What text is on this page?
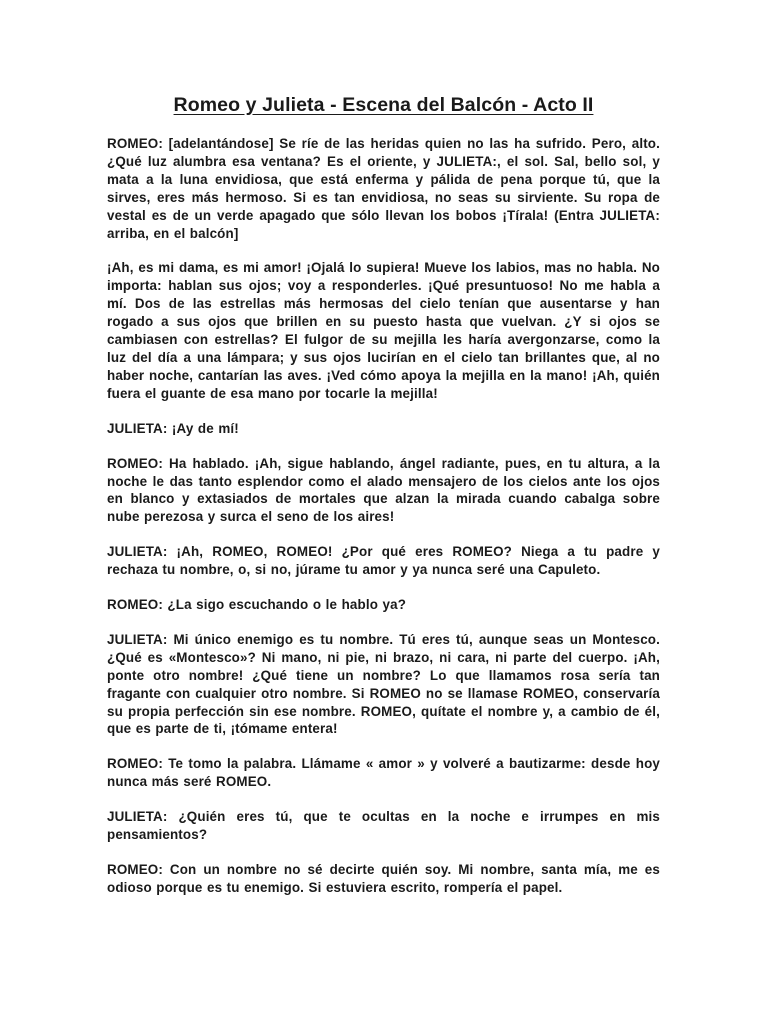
Romeo y Julieta - Escena del Balcón - Acto II

ROMEO: [adelantándose] Se ríe de las heridas quien no las ha sufrido. Pero, alto. ¿Qué luz alumbra esa ventana? Es el oriente, y JULIETA:, el sol. Sal, bello sol, y mata a la luna envidiosa, que está enferma y pálida de pena porque tú, que la sirves, eres más hermoso. Si es tan envidiosa, no seas su sirviente. Su ropa de vestal es de un verde apagado que sólo llevan los bobos ¡Tírala! (Entra JULIETA: arriba, en el balcón]

¡Ah, es mi dama, es mi amor! ¡Ojalá lo supiera! Mueve los labios, mas no habla. No importa: hablan sus ojos; voy a responderles. ¡Qué presuntuoso! No me habla a mí. Dos de las estrellas más hermosas del cielo tenían que ausentarse y han rogado a sus ojos que brillen en su puesto hasta que vuelvan. ¿Y si ojos se cambiasen con estrellas? El fulgor de su mejilla les haría avergonzarse, como la luz del día a una lámpara; y sus ojos lucirían en el cielo tan brillantes que, al no haber noche, cantarían las aves. ¡Ved cómo apoya la mejilla en la mano! ¡Ah, quién fuera el guante de esa mano por tocarle la mejilla!

JULIETA: ¡Ay de mí!

ROMEO: Ha hablado. ¡Ah, sigue hablando, ángel radiante, pues, en tu altura, a la noche le das tanto esplendor como el alado mensajero de los cielos ante los ojos en blanco y extasiados de mortales que alzan la mirada cuando cabalga sobre nube perezosa y surca el seno de los aires!

JULIETA: ¡Ah, ROMEO, ROMEO! ¿Por qué eres ROMEO? Niega a tu padre y rechaza tu nombre, o, si no, júrame tu amor y ya nunca seré una Capuleto.

ROMEO: ¿La sigo escuchando o le hablo ya?

JULIETA: Mi único enemigo es tu nombre. Tú eres tú, aunque seas un Montesco. ¿Qué es «Montesco»? Ni mano, ni pie, ni brazo, ni cara, ni parte del cuerpo. ¡Ah, ponte otro nombre! ¿Qué tiene un nombre? Lo que llamamos rosa sería tan fragante con cualquier otro nombre. Si ROMEO no se llamase ROMEO, conservaría su propia perfección sin ese nombre. ROMEO, quítate el nombre y, a cambio de él, que es parte de ti, ¡tómame entera!

ROMEO: Te tomo la palabra. Llámame « amor » y volveré a bautizarme: desde hoy nunca más seré ROMEO.

JULIETA: ¿Quién eres tú, que te ocultas en la noche e irrumpes en mis pensamientos?

ROMEO: Con un nombre no sé decirte quién soy. Mi nombre, santa mía, me es odioso porque es tu enemigo. Si estuviera escrito, rompería el papel.
